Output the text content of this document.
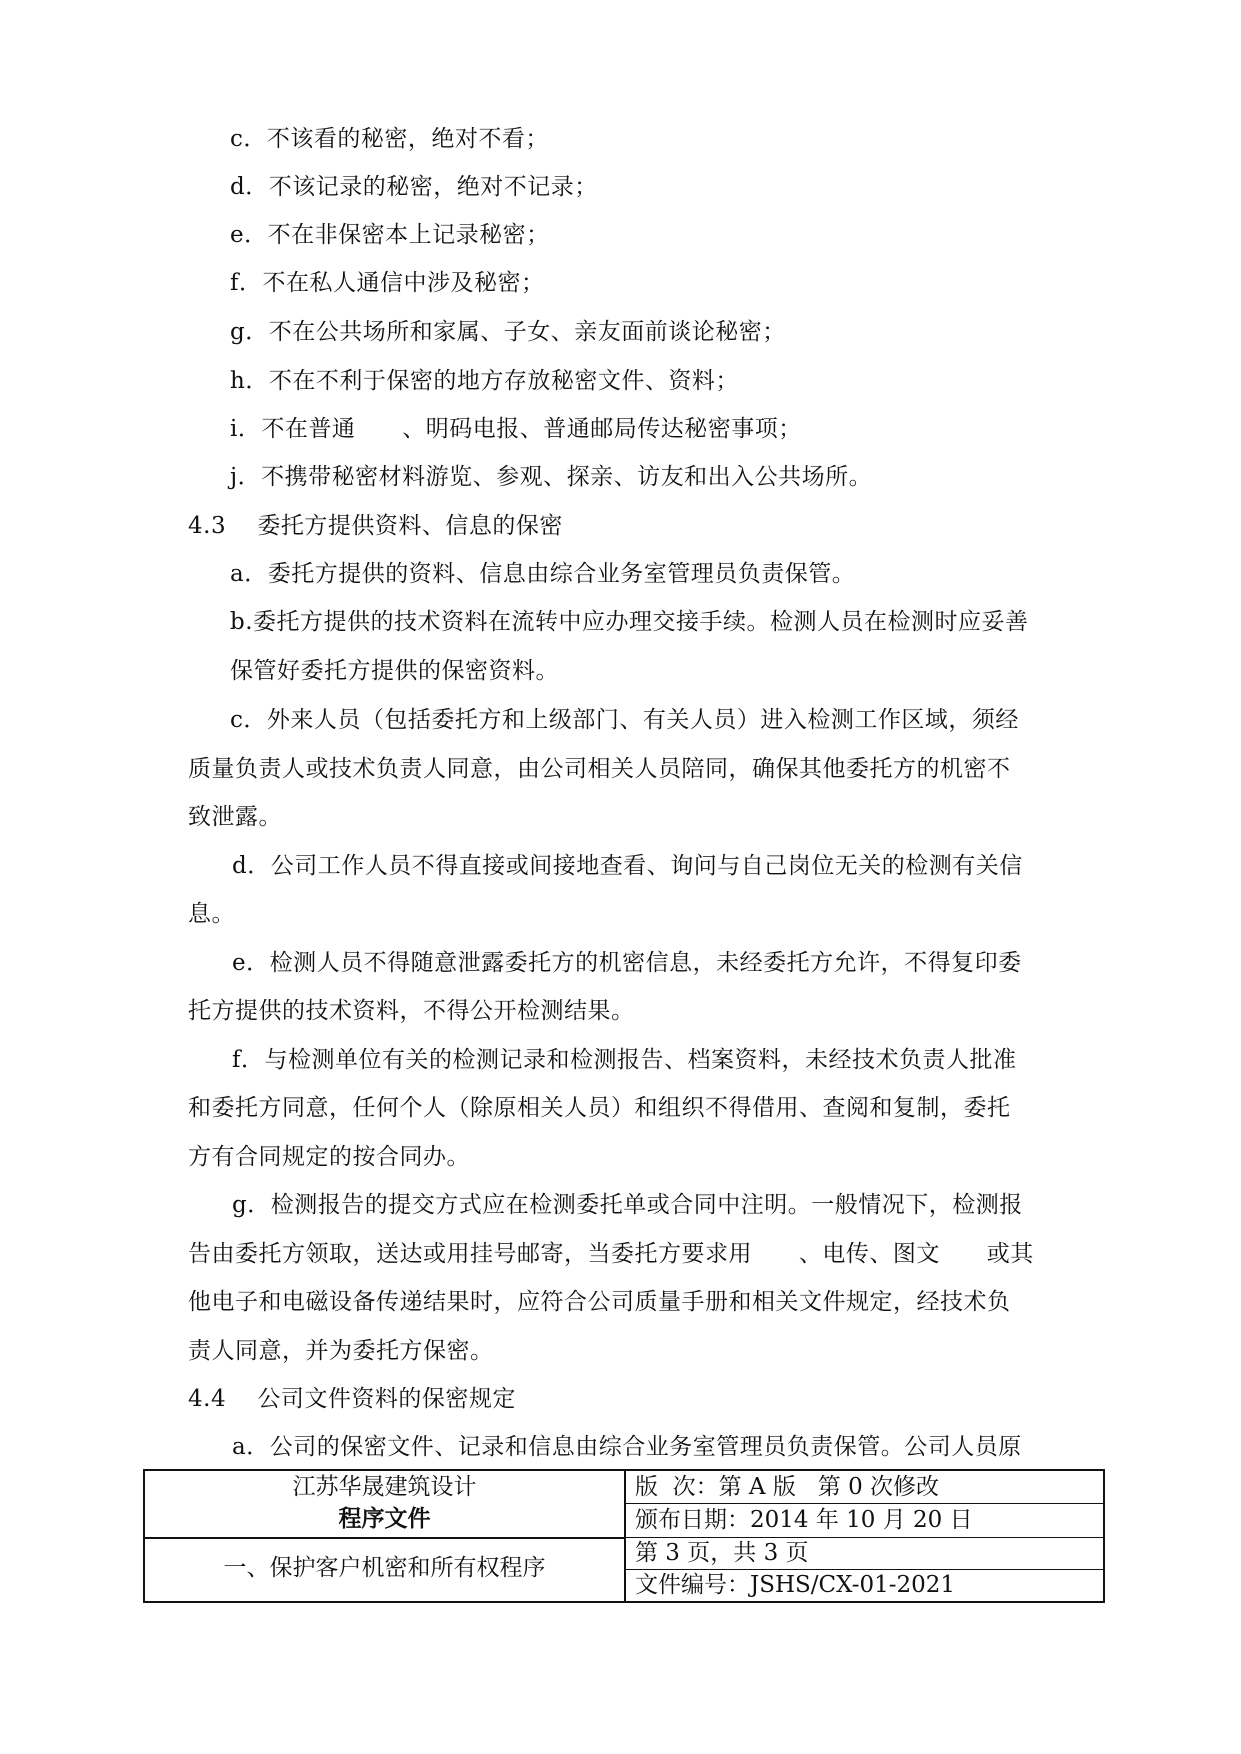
c．不该看的秘密，绝对不看；
d．不该记录的秘密，绝对不记录；
e．不在非保密本上记录秘密；
f．不在私人通信中涉及秘密；
g．不在公共场所和家属、子女、亲友面前谈论秘密；
h．不在不利于保密的地方存放秘密文件、资料；
i．不在普通      、明码电报、普通邮局传达秘密事项；
j．不携带秘密材料游览、参观、探亲、访友和出入公共场所。
4.3    委托方提供资料、信息的保密
a．委托方提供的资料、信息由综合业务室管理员负责保管。
b.委托方提供的技术资料在流转中应办理交接手续。检测人员在检测时应妥善
保管好委托方提供的保密资料。
c．外来人员（包括委托方和上级部门、有关人员）进入检测工作区域，须经
质量负责人或技术负责人同意，由公司相关人员陪同，确保其他委托方的机密不
致泄露。
d．公司工作人员不得直接或间接地查看、询问与自己岗位无关的检测有关信
息。
e．检测人员不得随意泄露委托方的机密信息，未经委托方允许，不得复印委
托方提供的技术资料，不得公开检测结果。
f．与检测单位有关的检测记录和检测报告、档案资料，未经技术负责人批准
和委托方同意，任何个人（除原相关人员）和组织不得借用、查阅和复制，委托
方有合同规定的按合同办。
g．检测报告的提交方式应在检测委托单或合同中注明。一般情况下，检测报
告由委托方领取，送达或用挂号邮寄，当委托方要求用      、电传、图文      或其
他电子和电磁设备传递结果时，应符合公司质量手册和相关文件规定，经技术负
责人同意，并为委托方保密。
4.4    公司文件资料的保密规定
a．公司的保密文件、记录和信息由综合业务室管理员负责保管。公司人员原
江苏华晟建筑设计
程序文件
一、保护客户机密和所有权程序
版  次：第 A 版   第 0 次修改
颁布日期：2014 年 10 月 20 日
第 3 页，共 3 页
文件编号：JSHS/CX-01-2021
